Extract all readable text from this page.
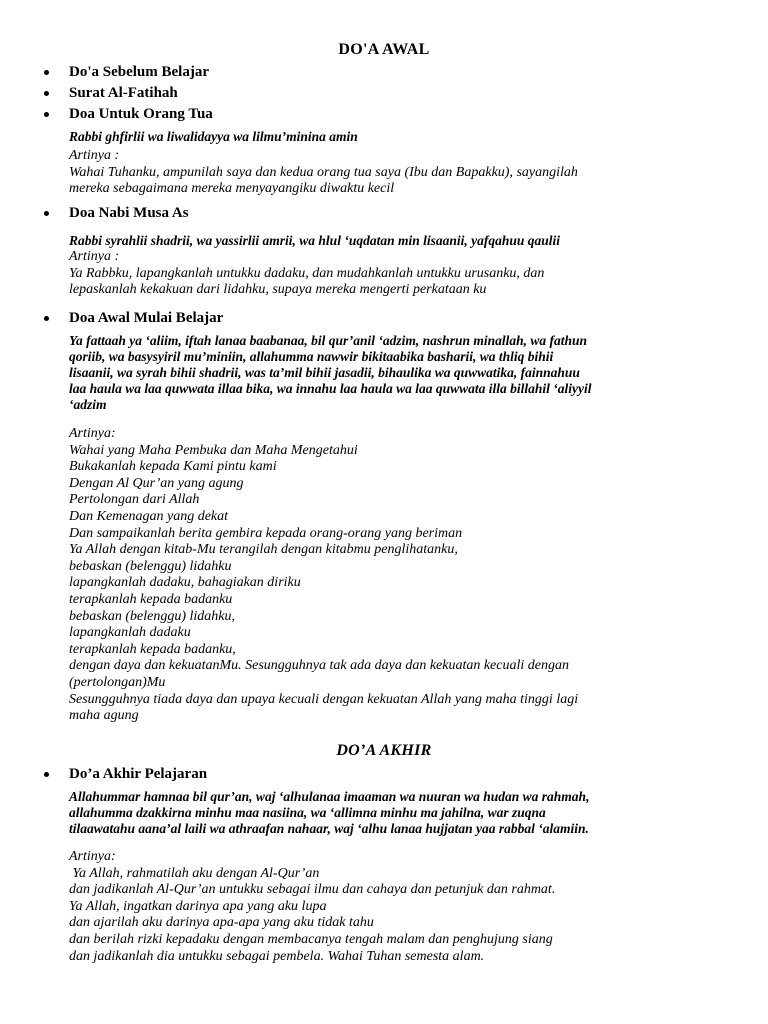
DO'A AWAL
Do'a Sebelum Belajar
Surat Al-Fatihah
Doa Untuk Orang Tua
Rabbi ghfirlii wa liwalidayya wa lilmu’minina amin
Artinya :
Wahai Tuhanku, ampunilah saya dan kedua orang tua saya (Ibu dan Bapakku), sayangilah
mereka sebagaimana mereka menyayangiku diwaktu kecil
Doa Nabi Musa As
Rabbi syrahlii shadrii, wa yassirlii amrii, wa hlul ‘uqdatan min lisaanii, yafqahuu qaulii
Artinya :
Ya Rabbku, lapangkanlah untukku dadaku, dan mudahkanlah untukku urusanku, dan
lepaskanlah kekakuan dari lidahku, supaya mereka mengerti perkataan ku
Doa Awal Mulai Belajar
Ya fattaah ya ‘aliim, iftah lanaa baabanaa, bil qur’anil ‘adzim, nashrun minallah, wa fathun
qoriib, wa basysyiril mu’miniin, allahumma nawwir bikitaabika basharii, wa thliq bihii
lisaanii, wa syrah bihii shadrii, was ta’mil bihii jasadii, bihaulika wa quwwatika, fainnahuu
laa haula wa laa quwwata illaa bika, wa innahu laa haula wa laa quwwata illa billahil ‘aliyyil
‘adzim
Artinya:
Wahai yang Maha Pembuka dan Maha Mengetahui
Bukakanlah kepada Kami pintu kami
Dengan Al Qur’an yang agung
Pertolongan dari Allah
Dan Kemenagan yang dekat
Dan sampaikanlah berita gembira kepada orang-orang yang beriman
Ya Allah dengan kitab-Mu terangilah dengan kitabmu penglihatanku,
bebaskan (belenggu) lidahku
lapangkanlah dadaku, bahagiakan diriku
terapkanlah kepada badanku
bebaskan (belenggu) lidahku,
lapangkanlah dadaku
terapkanlah kepada badanku,
dengan daya dan kekuatanMu. Sesungguhnya tak ada daya dan kekuatan kecuali dengan
(pertolongan)Mu
Sesungguhnya tiada daya dan upaya kecuali dengan kekuatan Allah yang maha tinggi lagi
maha agung
DO’A AKHIR
Do’a Akhir Pelajaran
Allahummar hamnaa bil qur’an, waj ‘alhulanaa imaaman wa nuuran wa hudan wa rahmah,
allahumma dzakkirna minhu maa nasiina, wa ‘allimna minhu ma jahilna, war zuqna
tilaawatahu aana’al laili wa athraafan nahaar, waj ‘alhu lanaa hujjatan yaa rabbal ‘alamiin.
Artinya:
Ya Allah, rahmatilah aku dengan Al-Qur’an
dan jadikanlah Al-Qur’an untukku sebagai ilmu dan cahaya dan petunjuk dan rahmat.
Ya Allah, ingatkan darinya apa yang aku lupa
dan ajarilah aku darinya apa-apa yang aku tidak tahu
dan berilah rizki kepadaku dengan membacanya tengah malam dan penghujung siang
dan jadikanlah dia untukku sebagai pembela. Wahai Tuhan semesta alam.
